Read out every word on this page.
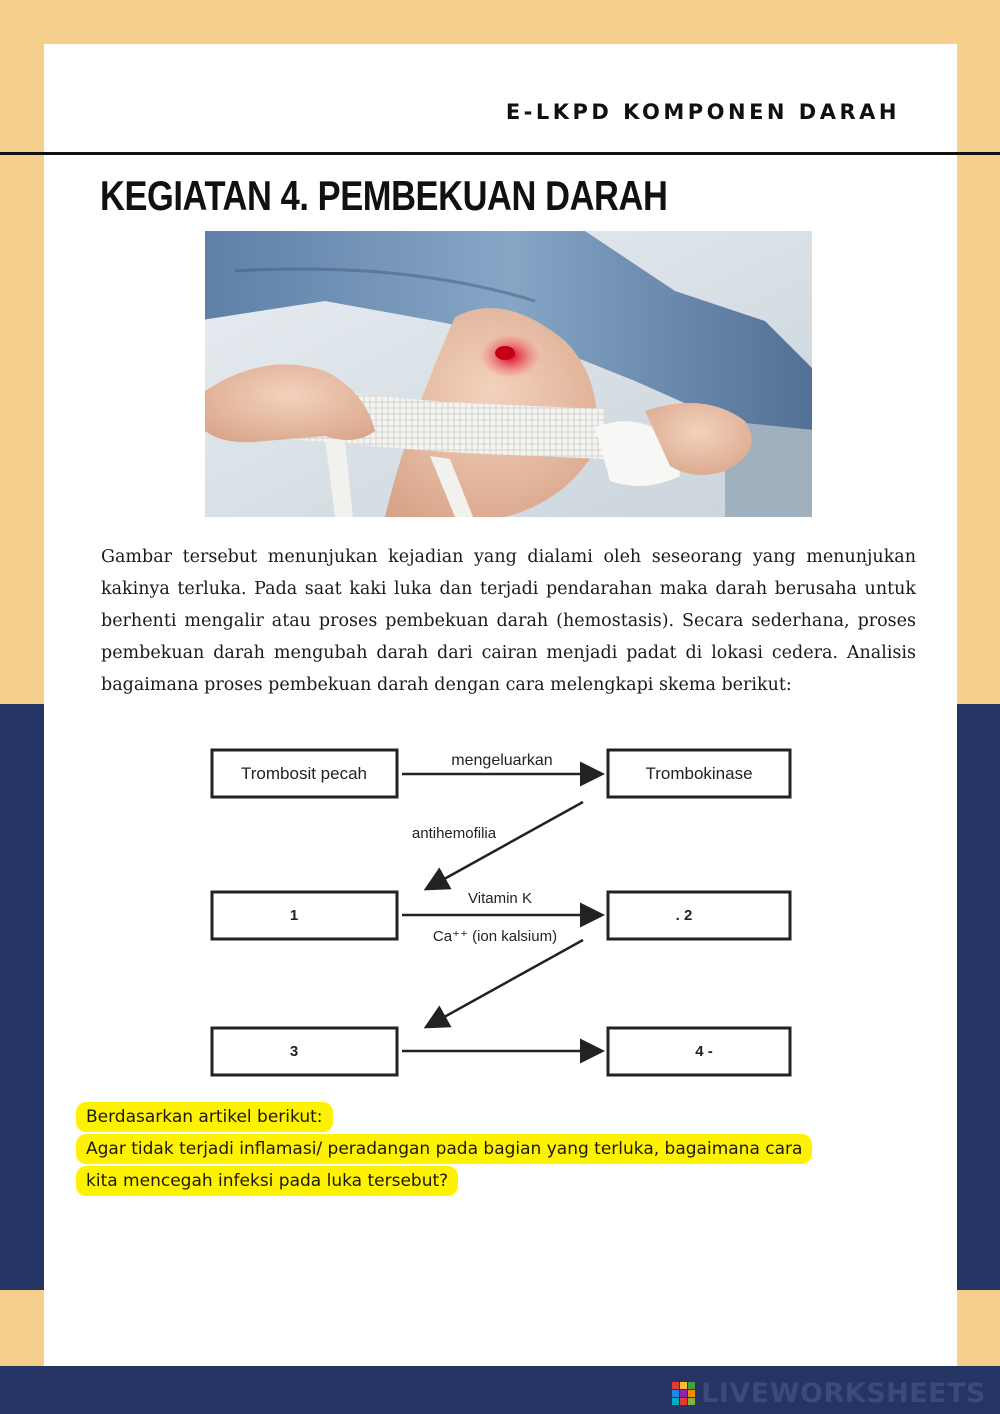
E-LKPD KOMPONEN DARAH
KEGIATAN 4. PEMBEKUAN DARAH

Gambar tersebut menunjukan kejadian yang dialami oleh seseorang yang menunjukan kakinya terluka. Pada saat kaki luka dan terjadi pendarahan maka darah berusaha untuk berhenti mengalir atau proses pembekuan darah (hemostasis). Secara sederhana, proses pembekuan darah mengubah darah dari cairan menjadi padat di lokasi cedera. Analisis bagaimana proses pembekuan darah dengan cara melengkapi skema berikut:

Trombosit pecah	Trombokinase
1	. 2
3	4 -
mengeluarkan
antihemofilia
Vitamin K
Ca⁺⁺ (ion kalsium)
Berdasarkan artikel berikut:
Agar tidak terjadi inflamasi/ peradangan pada bagian yang terluka, bagaimana cara
kita mencegah infeksi pada luka tersebut?
LIVEWORKSHEETS
